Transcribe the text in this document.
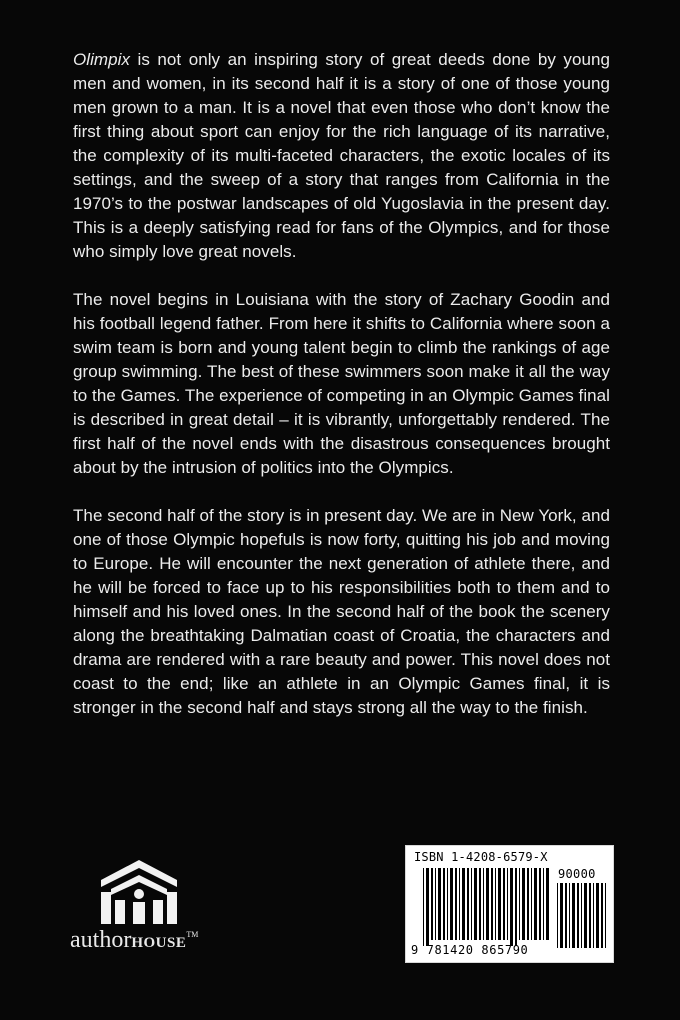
Olimpix is not only an inspiring story of great deeds done by young men and women, in its second half it is a story of one of those young men grown to a man. It is a novel that even those who don’t know the first thing about sport can enjoy for the rich language of its narrative, the complexity of its multi-faceted characters, the exotic locales of its settings, and the sweep of a story that ranges from California in the 1970’s to the postwar landscapes of old Yugoslavia in the present day. This is a deeply satisfying read for fans of the Olympics, and for those who simply love great novels.

The novel begins in Louisiana with the story of Zachary Goodin and his football legend father. From here it shifts to California where soon a swim team is born and young talent begin to climb the rankings of age group swimming. The best of these swimmers soon make it all the way to the Games. The experience of competing in an Olympic Games final is described in great detail – it is vibrantly, unforgettably rendered. The first half of the novel ends with the disastrous consequences brought about by the intrusion of politics into the Olympics.

The second half of the story is in present day. We are in New York, and one of those Olympic hopefuls is now forty, quitting his job and moving to Europe. He will encounter the next generation of athlete there, and he will be forced to face up to his responsibilities both to them and to himself and his loved ones. In the second half of the book the scenery along the breathtaking Dalmatian coast of Croatia, the characters and drama are rendered with a rare beauty and power. This novel does not coast to the end; like an athlete in an Olympic Games final, it is stronger in the second half and stays strong all the way to the finish.

authorHOUSE™
ISBN 1-4208-6579-X
90000
9 781420 865790
